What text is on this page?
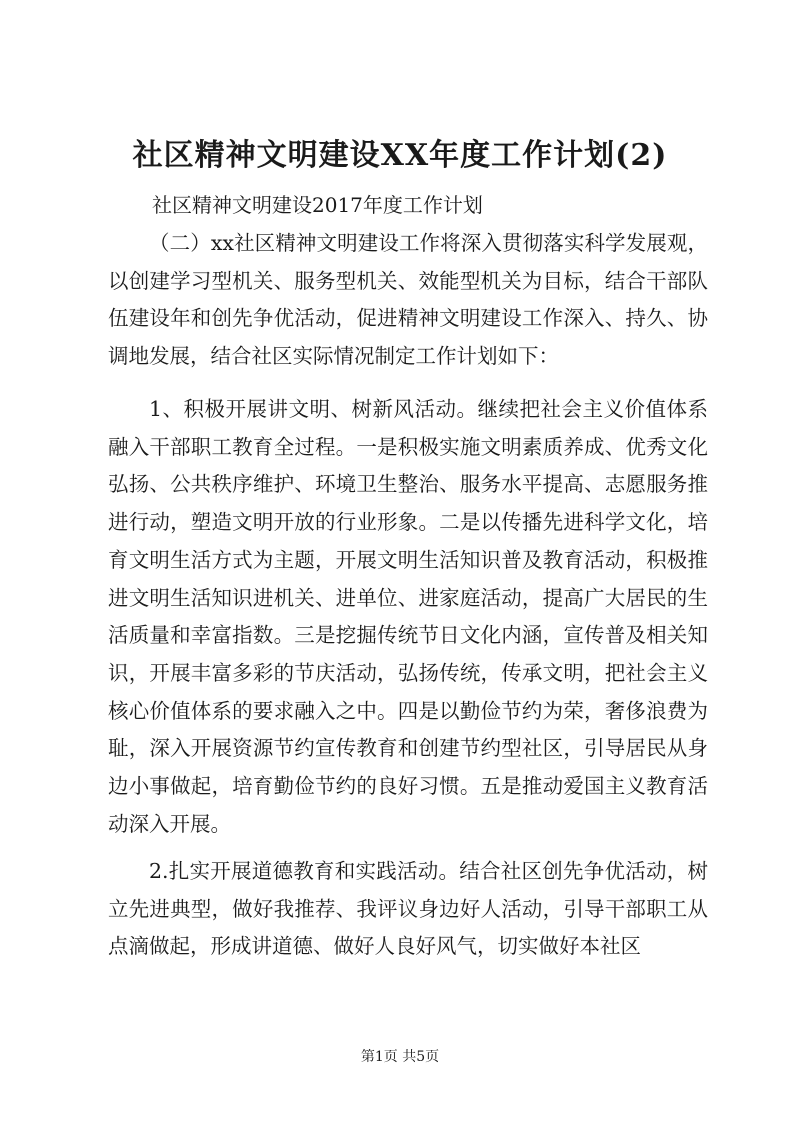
社区精神文明建设XX年度工作计划(2)
社区精神文明建设2017年度工作计划

（二）xx社区精神文明建设工作将深入贯彻落实科学发展观，以创建学习型机关、服务型机关、效能型机关为目标，结合干部队伍建设年和创先争优活动，促进精神文明建设工作深入、持久、协调地发展，结合社区实际情况制定工作计划如下：

1、积极开展讲文明、树新风活动。继续把社会主义价值体系融入干部职工教育全过程。一是积极实施文明素质养成、优秀文化弘扬、公共秩序维护、环境卫生整治、服务水平提高、志愿服务推进行动，塑造文明开放的行业形象。二是以传播先进科学文化，培育文明生活方式为主题，开展文明生活知识普及教育活动，积极推进文明生活知识进机关、进单位、进家庭活动，提高广大居民的生活质量和幸富指数。三是挖掘传统节日文化内涵，宣传普及相关知识，开展丰富多彩的节庆活动，弘扬传统，传承文明，把社会主义核心价值体系的要求融入之中。四是以勤俭节约为荣，奢侈浪费为耻，深入开展资源节约宣传教育和创建节约型社区，引导居民从身边小事做起，培育勤俭节约的良好习惯。五是推动爱国主义教育活动深入开展。

2.扎实开展道德教育和实践活动。结合社区创先争优活动，树立先进典型，做好我推荐、我评议身边好人活动，引导干部职工从点滴做起，形成讲道德、做好人良好风气，切实做好本社区

第1页 共5页
